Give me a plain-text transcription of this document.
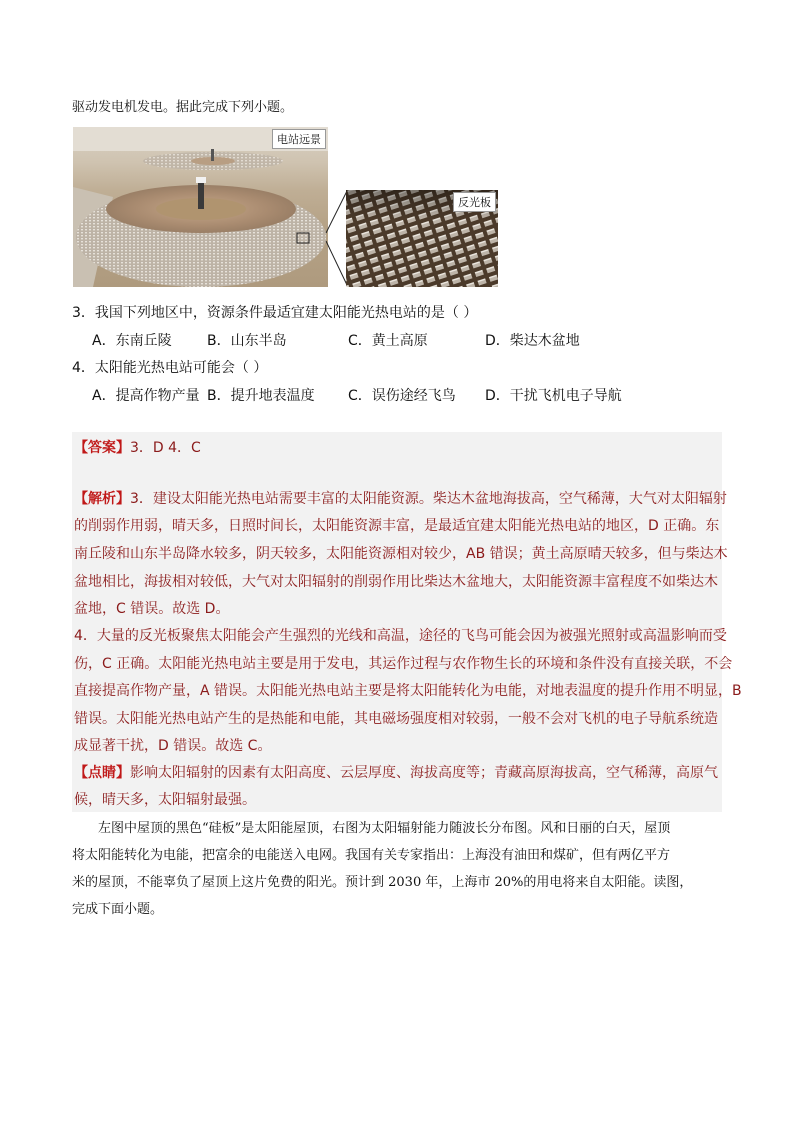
驱动发电机发电。据此完成下列小题。
电站远景
反光板
3．我国下列地区中，资源条件最适宜建太阳能光热电站的是（ ）
A．东南丘陵	B．山东半岛	C．黄土高原	D．柴达木盆地
4．太阳能光热电站可能会（ ）
A．提高作物产量 B．提升地表温度 C．误伤途经飞鸟 D．干扰飞机电子导航
【答案】3．D 4．C
【解析】3．建设太阳能光热电站需要丰富的太阳能资源。柴达木盆地海拔高，空气稀薄，大气对太阳辐射
的削弱作用弱，晴天多，日照时间长，太阳能资源丰富，是最适宜建太阳能光热电站的地区，D 正确。东
南丘陵和山东半岛降水较多，阴天较多，太阳能资源相对较少，AB 错误；黄土高原晴天较多，但与柴达木
盆地相比，海拔相对较低，大气对太阳辐射的削弱作用比柴达木盆地大，太阳能资源丰富程度不如柴达木
盆地，C 错误。故选 D。
4．大量的反光板聚焦太阳能会产生强烈的光线和高温，途径的飞鸟可能会因为被强光照射或高温影响而受
伤，C 正确。太阳能光热电站主要是用于发电，其运作过程与农作物生长的环境和条件没有直接关联，不会
直接提高作物产量，A 错误。太阳能光热电站主要是将太阳能转化为电能，对地表温度的提升作用不明显，B
错误。太阳能光热电站产生的是热能和电能，其电磁场强度相对较弱，一般不会对飞机的电子导航系统造
成显著干扰，D 错误。故选 C。
【点睛】影响太阳辐射的因素有太阳高度、云层厚度、海拔高度等；青藏高原海拔高，空气稀薄，高原气
候，晴天多，太阳辐射最强。
左图中屋顶的黑色“硅板”是太阳能屋顶，右图为太阳辐射能力随波长分布图。风和日丽的白天，屋顶
将太阳能转化为电能，把富余的电能送入电网。我国有关专家指出：上海没有油田和煤矿，但有两亿平方
米的屋顶，不能辜负了屋顶上这片免费的阳光。预计到 2030 年，上海市 20%的用电将来自太阳能。读图，
完成下面小题。
